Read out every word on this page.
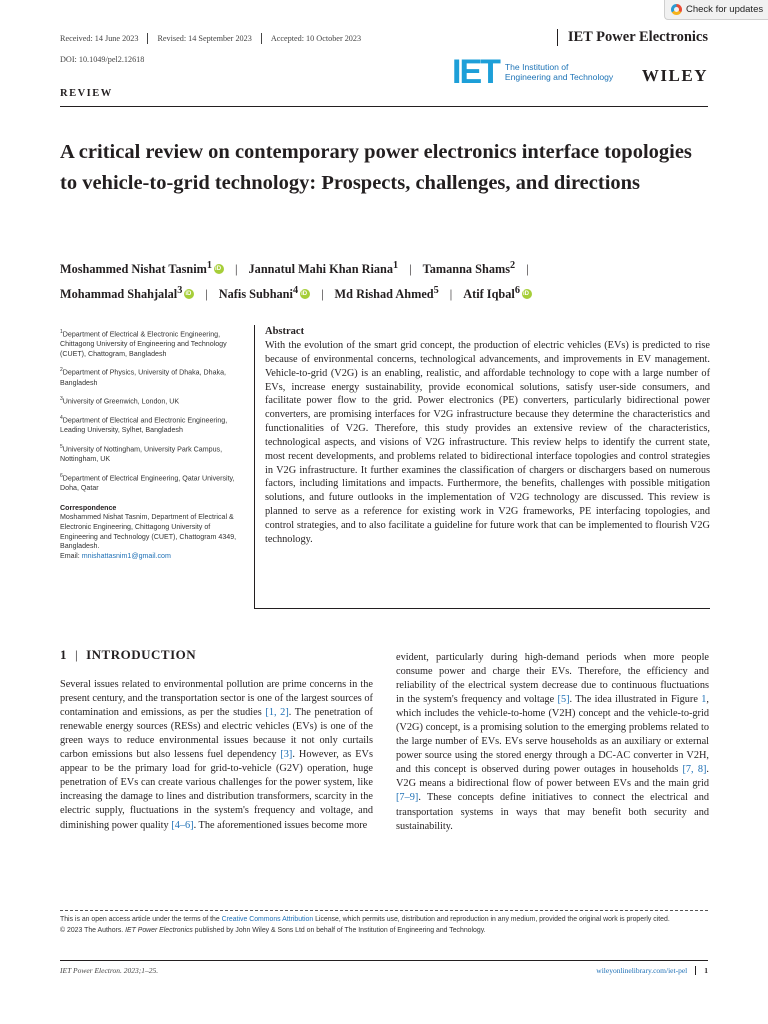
Check for updates
Received: 14 June 2023	Revised: 14 September 2023	Accepted: 10 October 2023	IET Power Electronics
DOI: 10.1049/pel2.12618	IET The Institution of
Engineering and Technology WILEY
REVIEW
A critical review on contemporary power electronics interface topologies to vehicle-to-grid technology: Prospects, challenges, and directions
Moshammed Nishat Tasnim$^1$ iD | Jannatul Mahi Khan Riana$^1$ | Tamanna Shams$^2$ |
Mohammad Shahjalal$^3$ iD | Nafis Subhani$^4$ iD | Md Rishad Ahmed$^5$ | Atif Iqbal$^6$iD

$^1$Department of Electrical & Electronic Engineering, Chittagong University of Engineering and Technology (CUET), Chattogram, Bangladesh

$^2$Department of Physics, University of Dhaka, Dhaka, Bangladesh

$^3$University of Greenwich, London, UK

$^4$Department of Electrical and Electronic Engineering, Leading University, Sylhet, Bangladesh

$^5$University of Nottingham, University Park Campus, Nottingham, UK

$^6$Department of Electrical Engineering, Qatar University, Doha, Qatar

Correspondence

Moshammed Nishat Tasnim, Department of Electrical & Electronic Engineering, Chittagong University of Engineering and Technology (CUET), Chattogram 4349, Bangladesh.
Email: mnishattasnim1@gmail.com

Abstract

With the evolution of the smart grid concept, the production of electric vehicles (EVs) is predicted to rise because of environmental concerns, technological advancements, and improvements in EV management. Vehicle-to-grid (V2G) is an enabling, realistic, and affordable technology to cope with a large number of EVs, increase energy sustainability, provide economical solutions, satisfy user-side consumers, and facilitate power flow to the grid. Power electronics (PE) converters, particularly bidirectional power converters, are promising interfaces for V2G infrastructure because they determine the characteristics and functionalities of V2G. Therefore, this study provides an extensive review of the characteristics, technological aspects, and visions of V2G infrastructure. This review helps to identify the current state, most recent developments, and problems related to bidirectional interface topologies and control strategies in V2G infrastructure. It further examines the classification of chargers or dischargers based on numerous factors, including limitations and impacts. Furthermore, the benefits, challenges with possible mitigation solutions, and future outlooks in the implementation of V2G technology are discussed. This review is planned to serve as a reference for existing work in V2G frameworks, PE interfacing topologies, and control strategies, and to also facilitate a guideline for future work that can be implemented to flourish V2G technology.

1 | INTRODUCTION

Several issues related to environmental pollution are prime concerns in the present century, and the transportation sector is one of the largest sources of contamination and emissions, as per the studies [1, 2]. The penetration of renewable energy sources (RESs) and electric vehicles (EVs) is one of the green ways to reduce environmental issues because it not only curtails carbon emissions but also lessens fuel dependency [3]. However, as EVs appear to be the primary load for grid-to-vehicle (G2V) operation, huge penetration of EVs can create various challenges for the power system, like increasing the damage to lines and distribution transformers, scarcity in the electric supply, fluctuations in the system's frequency and voltage, and diminishing power quality [4–6]. The aforementioned issues become more

evident, particularly during high-demand periods when more people consume power and charge their EVs. Therefore, the efficiency and reliability of the electrical system decrease due to continuous fluctuations in the system's frequency and voltage [5]. The idea illustrated in Figure 1, which includes the vehicle-to-home (V2H) concept and the vehicle-to-grid (V2G) concept, is a promising solution to the emerging problems related to the large number of EVs. EVs serve households as an auxiliary or external power source using the stored energy through a DC-AC converter in V2H, and this concept is observed during power outages in households [7, 8]. V2G means a bidirectional flow of power between EVs and the main grid [7–9]. These concepts define initiatives to connect the electrical and transportation systems in ways that may benefit both security and sustainability.

This is an open access article under the terms of the Creative Commons Attribution License, which permits use, distribution and reproduction in any medium, provided the original work is properly cited.

© 2023 The Authors. IET Power Electronics published by John Wiley & Sons Ltd on behalf of The Institution of Engineering and Technology.

IET Power Electron. 2023;1–25.	wileyonlinelibrary.com/iet-pel	1
